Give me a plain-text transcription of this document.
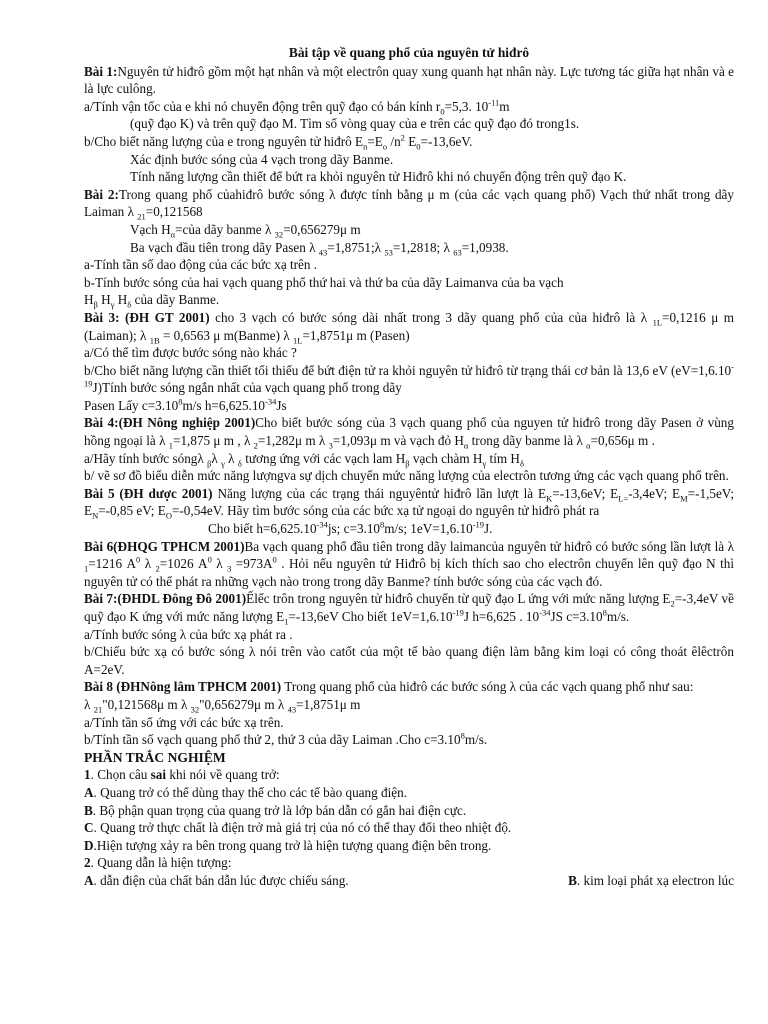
Bài tập về quang phổ của nguyên tử hiđrô

Bài 1:Nguyên tử hiđrô gồm một hạt nhân và một electrôn quay xung quanh hạt nhân này. Lực tương tác giữa hạt nhân và e là lực culông.

a/Tính vận tốc của e khi nó chuyển động trên quỹ đạo có bán kính $r_0=5,3$. $10^{-11}m$

(quỹ đạo K) và trên quỹ đạo M. Tìm số vòng quay của e trên các quỹ đạo đó trong1s.

b/Cho biết năng lượng của e trong nguyên tử hiđrô $E_n=E_o$ $/n^2$ $E_0=-13,6eV$.

Xác định bước sóng của 4 vạch trong dãy Banme.

Tính năng lượng cần thiết để bứt ra khỏi nguyên tử Hiđrô khi nó chuyển động trên quỹ đạo K.

Bài 2:Trong quang phổ củahiđrô bước sóng λ được tính bằng μ m (của các vạch quang phổ) Vạch thứ nhất trong dãy Laiman λ $_{21}$=0,121568

Vạch $H_\alpha=của$ dãy banme λ $_{32}$=0,656279μ m

Ba vạch đầu tiên trong dãy Pasen λ $_{43}$=1,8751;λ $_{53}$=1,2818; λ $_{63}$=1,0938.

a-Tính tần số dao động của các bức xạ trên .

b-Tính bước sóng của hai vạch quang phổ thứ hai và thứ ba của dãy Laimanva của ba vạch

$H_\beta$ $H_\gamma$ $H_\delta$ của dãy Banme.

Bài 3: (ĐH GT 2001) cho 3 vạch có bước sóng dài nhất trong 3 dãy quang phổ của của hiđrô là λ $_{1L}$=0,1216 μ m (Laiman); λ $_{1B}$ = 0,6563 μ m(Banme) λ $_{1L}$=1,8751μ m (Pasen)

a/Có thể tìm được bước sóng nào khác ?

b/Cho biết năng lượng cần thiết tối thiểu để bứt điện tử ra khỏi nguyên tử hiđrô từ trạng thái cơ bản là 13,6 eV $(eV=1,6.10^{-19}J)Tính$ bước sóng ngắn nhất của vạch quang phổ trong dãy

Pasen Lấy $c=3.10^8m/s$ $h=6,625.10^{-34}Js$

Bài 4:(ĐH Nông nghiệp 2001)Cho biết bước sóng của 3 vạch quang phổ của nguyen tử hiđrô trong dãy Pasen ở vùng hồng ngoại là λ $_1$=1,875 μ m , λ $_2$=1,282μ m λ $_3$=1,093μ m và vạch đỏ $H_\alpha$ trong dãy banme là λ $_\alpha$=0,656μ m .

a/Hãy tính bước sóngλ $_\beta$λ $_\gamma$ λ $_\delta$ tương ứng với các vạch lam $H_\beta$ vạch chàm $H_\gamma$ tím $H_\delta$

b/ vẽ sơ đồ biểu diễn mức năng lượngva sự dịch chuyển mức năng lượng của electrôn tương ứng các vạch quang phổ trên.

Bài 5 (ĐH dược 2001) Năng lượng của các trạng thái nguyêntử hiđrô lần lượt là $E_K=-13,6eV$; $E_{L=}-3,4eV$; $E_M=-1,5eV$; $E_N=-0,85$ eV; $E_O=-0,54eV$. Hãy tìm bước sóng của các bức xạ tử ngoại do nguyên tử hiđrô phát ra

Cho biết $h=6,625.10^{-34}js$; $c=3.10^8m/s$; $1eV=1,6.10^{-19}J$.

Bài 6(ĐHQG TPHCM 2001)Ba vạch quang phổ đầu tiên trong dãy laimancủa nguyên tử hiđrô có bước sóng lần lượt là λ $_1$=1216 $A^0$ λ $_2$=1026 $A^0$ λ $_3 =973A^0$ . Hỏi nếu nguyên tử Hiđrô bị kích thích sao cho electrôn chuyển lên quỹ đạo N thì nguyên tử có thể phát ra những vạch nào trong trong dãy Banme? tính bước sóng của các vạch đó.

Bài 7:(ĐHDL Đông Đô 2001)Ếlếc trôn trong nguyên tử hiđrô chuyển từ quỹ đạo L ứng với mức năng lượng $E_2=-3,4eV$ về quỹ đạo K ứng với mức năng lượng $E_1=-13,6eV$ Cho biết $1eV=1,6.10^{-19}J$ h=6,625 . $10^{-34}JS$ $c=3.10^8m/s$.

a/Tính bước sóng λ của bức xạ phát ra .

b/Chiếu bức xạ có bước sóng λ nói trên vào catốt của một tế bào quang điện làm bằng kim loại có công thoát êlêctrôn A=2eV.

Bài 8 (ĐHNông lâm TPHCM 2001) Trong quang phổ của hiđrô các bước sóng λ của các vạch quang phổ như sau:

λ $_{21}$"0,121568μ m λ $_{32}$"0,656279μ m λ $_{43}$=1,8751μ m

a/Tính tần số ứng với các bức xạ trên.

b/Tính tần số vạch quang phổ thứ 2, thứ 3 của dãy Laiman .Cho $c=3.10^8m/s$.

PHẦN TRẮC NGHIỆM

1. Chọn câu sai khi nói về quang trở:

A. Quang trở có thể dùng thay thế cho các tế bào quang điện.

B. Bộ phận quan trọng của quang trở là lớp bán dẫn có gắn hai điện cực.

C. Quang trở thực chất là điện trở mà giá trị của nó có thể thay đổi theo nhiệt độ.

D.Hiện tượng xảy ra bên trong quang trở là hiện tượng quang điện bên trong.

2. Quang dẫn là hiện tượng:

A. dẫn điện của chất bán dẫn lúc được chiếu sáng.	B. kim loại phát xạ electron lúc
